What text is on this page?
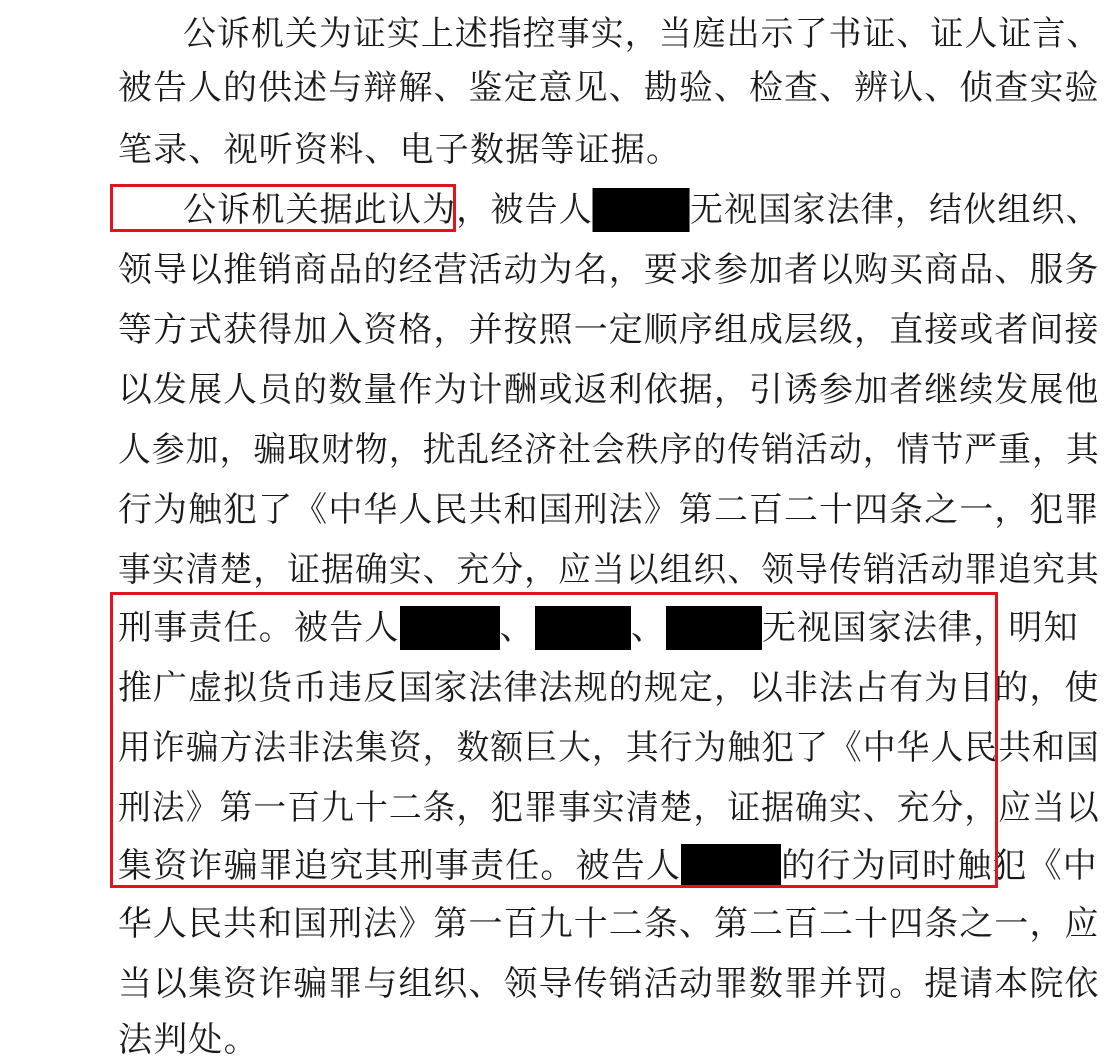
公诉机关为证实上述指控事实，当庭出示了书证、证人证言、
被告人的供述与辩解、鉴定意见、勘验、检查、辨认、侦查实验
笔录、视听资料、电子数据等证据。
公诉机关据此认为，被告人	无视国家法律，结伙组织、
领导以推销商品的经营活动为名，要求参加者以购买商品、服务
等方式获得加入资格，并按照一定顺序组成层级，直接或者间接
以发展人员的数量作为计酬或返利依据，引诱参加者继续发展他
人参加，骗取财物，扰乱经济社会秩序的传销活动，情节严重，其
行为触犯了《中华人民共和国刑法》第二百二十四条之一，犯罪
事实清楚，证据确实、充分，应当以组织、领导传销活动罪追究其
刑事责任。被告人	、	、	无视国家法律，明知
推广虚拟货币违反国家法律法规的规定，以非法占有为目的，使
用诈骗方法非法集资，数额巨大，其行为触犯了《中华人民共和国
刑法》第一百九十二条，犯罪事实清楚，证据确实、充分，应当以
集资诈骗罪追究其刑事责任。被告人	的行为同时触犯《中
华人民共和国刑法》第一百九十二条、第二百二十四条之一，应
当以集资诈骗罪与组织、领导传销活动罪数罪并罚。提请本院依
法判处。
